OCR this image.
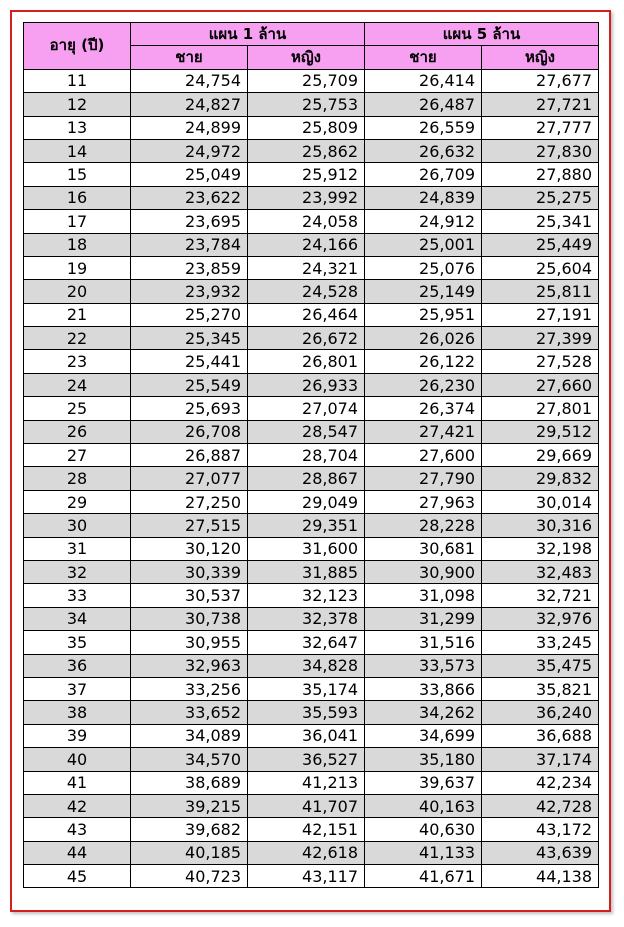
อายุ (ปี)	แผน 1 ล้าน		แผน 5 ล้าน	
	ชาย	หญิง	ชาย	หญิง
11	24,754	25,709	26,414	27,677
12	24,827	25,753	26,487	27,721
13	24,899	25,809	26,559	27,777
14	24,972	25,862	26,632	27,830
15	25,049	25,912	26,709	27,880
16	23,622	23,992	24,839	25,275
17	23,695	24,058	24,912	25,341
18	23,784	24,166	25,001	25,449
19	23,859	24,321	25,076	25,604
20	23,932	24,528	25,149	25,811
21	25,270	26,464	25,951	27,191
22	25,345	26,672	26,026	27,399
23	25,441	26,801	26,122	27,528
24	25,549	26,933	26,230	27,660
25	25,693	27,074	26,374	27,801
26	26,708	28,547	27,421	29,512
27	26,887	28,704	27,600	29,669
28	27,077	28,867	27,790	29,832
29	27,250	29,049	27,963	30,014
30	27,515	29,351	28,228	30,316
31	30,120	31,600	30,681	32,198
32	30,339	31,885	30,900	32,483
33	30,537	32,123	31,098	32,721
34	30,738	32,378	31,299	32,976
35	30,955	32,647	31,516	33,245
36	32,963	34,828	33,573	35,475
37	33,256	35,174	33,866	35,821
38	33,652	35,593	34,262	36,240
39	34,089	36,041	34,699	36,688
40	34,570	36,527	35,180	37,174
41	38,689	41,213	39,637	42,234
42	39,215	41,707	40,163	42,728
43	39,682	42,151	40,630	43,172
44	40,185	42,618	41,133	43,639
45	40,723	43,117	41,671	44,138
